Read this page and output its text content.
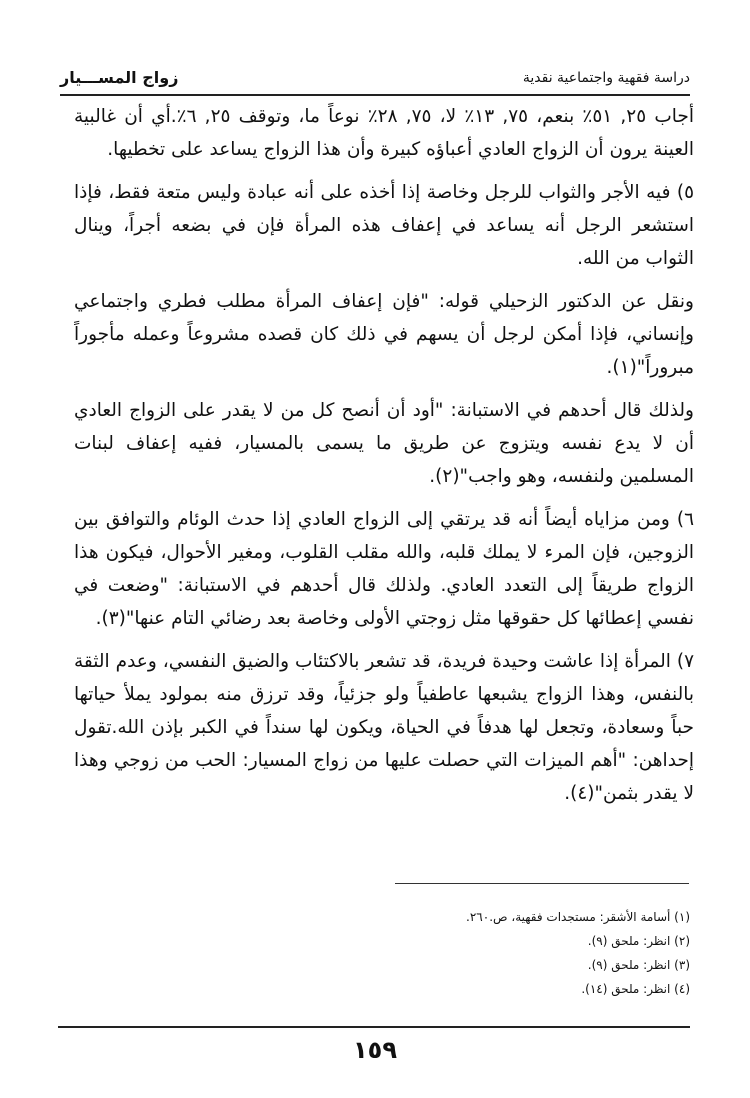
دراسة فقهية واجتماعية نقدية
زواج المســـيار

أجاب ٢٥, ٥١٪ بنعم، ٧٥, ١٣٪ لا، ٧٥, ٢٨٪ نوعاً ما، وتوقف ٢٥, ٦٪.أي أن غالبية العينة يرون أن الزواج العادي أعباؤه كبيرة وأن هذا الزواج يساعد على تخطيها.

٥) فيه الأجر والثواب للرجل وخاصة إذا أخذه على أنه عبادة وليس متعة فقط، فإذا استشعر الرجل أنه يساعد في إعفاف هذه المرأة فإن في بضعه أجراً، وينال الثواب من الله.

ونقل عن الدكتور الزحيلي قوله: "فإن إعفاف المرأة مطلب فطري واجتماعي وإنساني، فإذا أمكن لرجل أن يسهم في ذلك كان قصده مشروعاً وعمله مأجوراً مبروراً"(١).

ولذلك قال أحدهم في الاستبانة: "أود أن أنصح كل من لا يقدر على الزواج العادي أن لا يدع نفسه ويتزوج عن طريق ما يسمى بالمسيار، ففيه إعفاف لبنات المسلمين ولنفسه، وهو واجب"(٢).

٦) ومن مزاياه أيضاً أنه قد يرتقي إلى الزواج العادي إذا حدث الوئام والتوافق بين الزوجين، فإن المرء لا يملك قلبه، والله مقلب القلوب، ومغير الأحوال، فيكون هذا الزواج طريقاً إلى التعدد العادي. ولذلك قال أحدهم في الاستبانة: "وضعت في نفسي إعطائها كل حقوقها مثل زوجتي الأولى وخاصة بعد رضائي التام عنها"(٣).

٧) المرأة إذا عاشت وحيدة فريدة، قد تشعر بالاكتئاب والضيق النفسي، وعدم الثقة بالنفس، وهذا الزواج يشبعها عاطفياً ولو جزئياً، وقد ترزق منه بمولود يملأ حياتها حباً وسعادة، وتجعل لها هدفاً في الحياة، ويكون لها سنداً في الكبر بإذن الله.تقول إحداهن: "أهم الميزات التي حصلت عليها من زواج المسيار: الحب من زوجي وهذا لا يقدر بثمن"(٤).

(١) أسامة الأشقر: مستجدات فقهية، ص.٢٦٠.
(٢) انظر: ملحق (٩).
(٣) انظر: ملحق (٩).
(٤) انظر: ملحق (١٤).
١٥٩
